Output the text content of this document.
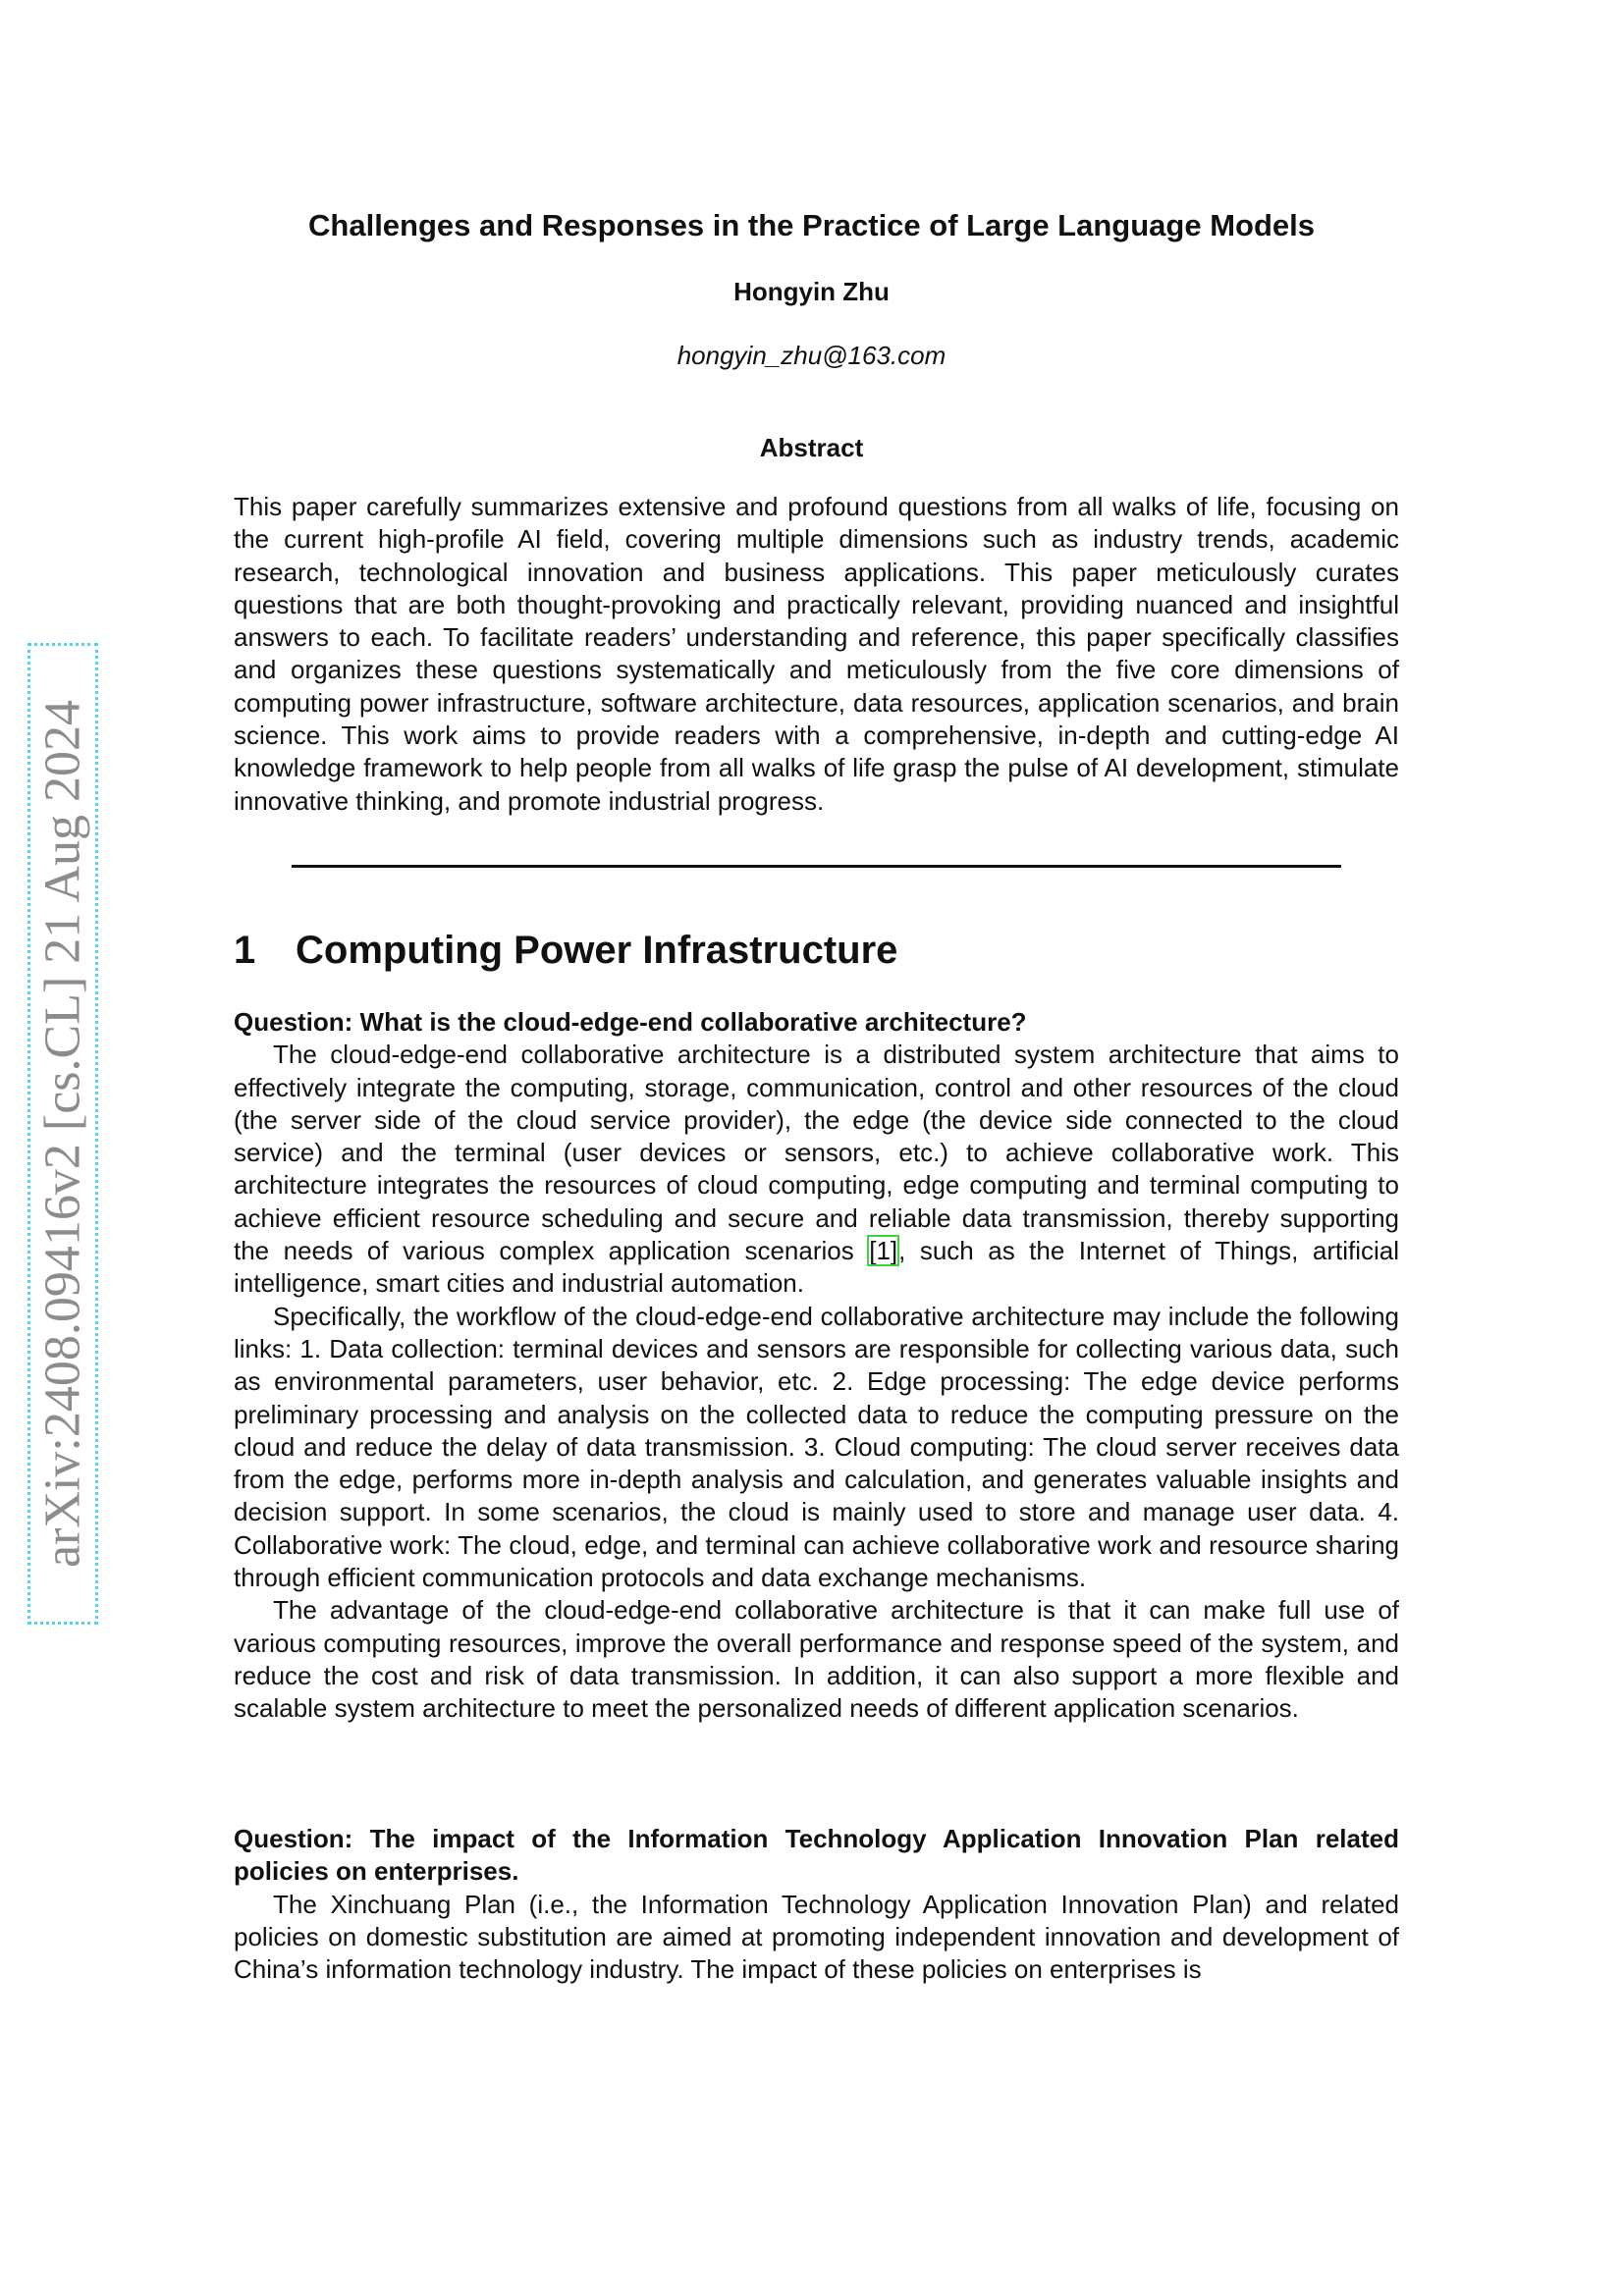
arXiv:2408.09416v2 [cs.CL] 21 Aug 2024
Challenges and Responses in the Practice of Large Language Models
Hongyin Zhu
hongyin_zhu@163.com
Abstract
This paper carefully summarizes extensive and profound questions from all walks of life, focusing on the current high-profile AI field, covering multiple dimensions such as industry trends, academic research, technological innovation and business applications. This paper meticulously curates questions that are both thought-provoking and practically relevant, providing nuanced and insightful answers to each. To facilitate readers’ understanding and reference, this paper specifically classifies and organizes these questions systematically and meticulously from the five core dimensions of computing power infrastructure, software architecture, data resources, application scenarios, and brain science. This work aims to provide readers with a comprehensive, in-depth and cutting-edge AI knowledge framework to help people from all walks of life grasp the pulse of AI development, stimulate innovative thinking, and promote industrial progress.
1 Computing Power Infrastructure

Question: What is the cloud-edge-end collaborative architecture?

The cloud-edge-end collaborative architecture is a distributed system architecture that aims to effectively integrate the computing, storage, communication, control and other resources of the cloud (the server side of the cloud service provider), the edge (the device side connected to the cloud service) and the terminal (user devices or sensors, etc.) to achieve collaborative work. This architecture integrates the resources of cloud computing, edge computing and terminal computing to achieve efficient resource scheduling and secure and reliable data transmission, thereby supporting the needs of various complex application scenarios [1], such as the Internet of Things, artificial intelligence, smart cities and industrial automation.

Specifically, the workflow of the cloud-edge-end collaborative architecture may include the following links: 1. Data collection: terminal devices and sensors are responsible for collecting various data, such as environmental parameters, user behavior, etc. 2. Edge processing: The edge device performs preliminary processing and analysis on the collected data to reduce the computing pressure on the cloud and reduce the delay of data transmission. 3. Cloud computing: The cloud server receives data from the edge, performs more in-depth analysis and calculation, and generates valuable insights and decision support. In some scenarios, the cloud is mainly used to store and manage user data. 4. Collaborative work: The cloud, edge, and terminal can achieve collaborative work and resource sharing through efficient communication protocols and data exchange mechanisms.

The advantage of the cloud-edge-end collaborative architecture is that it can make full use of various computing resources, improve the overall performance and response speed of the system, and reduce the cost and risk of data transmission. In addition, it can also support a more flexible and scalable system architecture to meet the personalized needs of different application scenarios.

Question: The impact of the Information Technology Application Innovation Plan related policies on enterprises.

The Xinchuang Plan (i.e., the Information Technology Application Innovation Plan) and related policies on domestic substitution are aimed at promoting independent innovation and development of China’s information technology industry. The impact of these policies on enterprises is
